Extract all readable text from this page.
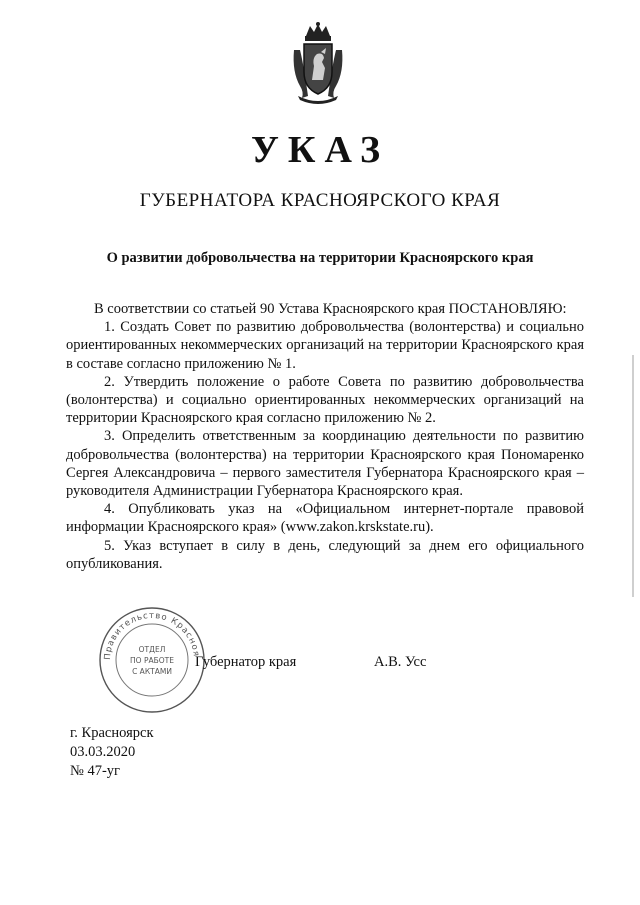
УКАЗ
ГУБЕРНАТОРА КРАСНОЯРСКОГО КРАЯ
О развитии добровольчества на территории Красноярского края

В соответствии со статьей 90 Устава Красноярского края ПОСТАНОВЛЯЮ:

1. Создать Совет по развитию добровольчества (волонтерства) и социально ориентированных некоммерческих организаций на территории Красноярского края в составе согласно приложению № 1.

2. Утвердить положение о работе Совета по развитию добровольчества (волонтерства) и социально ориентированных некоммерческих организаций на территории Красноярского края согласно приложению № 2.

3. Определить ответственным за координацию деятельности по развитию добровольчества (волонтерства) на территории Красноярского края Пономаренко Сергея Александровича – первого заместителя Губернатора Красноярского края – руководителя Администрации Губернатора Красноярского края.

4. Опубликовать указ на «Официальном интернет-портале правовой информации Красноярского края» (www.zakon.krskstate.ru).

5. Указ вступает в силу в день, следующий за днем его официального опубликования.

Правительство Красноя
ОТДЕЛ
ПО РАБОТЕ
С АКТАМИ
Губернатор края	А.В. Усс
г. Красноярск
03.03.2020
№ 47-уг
